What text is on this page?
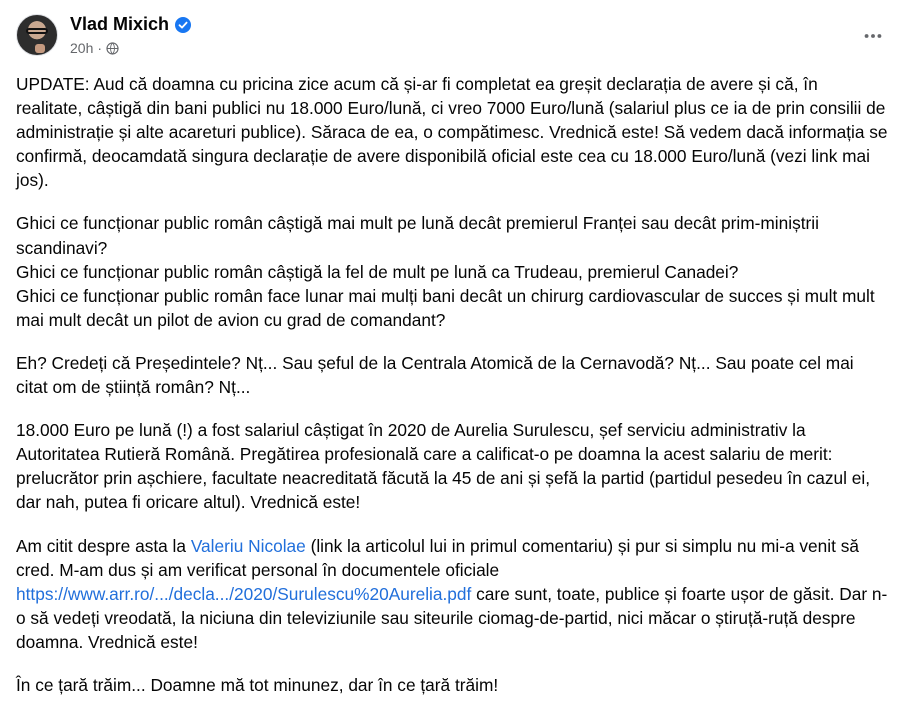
Vlad Mixich
20h ·

UPDATE: Aud că doamna cu pricina zice acum că și-ar fi completat ea greșit declarația de avere și că, în realitate, câștigă din bani publici nu 18.000 Euro/lună, ci vreo 7000 Euro/lună (salariul plus ce ia de prin consilii de administrație și alte acareturi publice). Săraca de ea, o compătimesc. Vrednică este! Să vedem dacă informația se confirmă, deocamdată singura declarație de avere disponibilă oficial este cea cu 18.000 Euro/lună (vezi link mai jos).

Ghici ce funcționar public român câștigă mai mult pe lună decât premierul Franței sau decât prim-miniștrii scandinavi?
Ghici ce funcționar public român câștigă la fel de mult pe lună ca Trudeau, premierul Canadei?
Ghici ce funcționar public român face lunar mai mulți bani decât un chirurg cardiovascular de succes și mult mult mai mult decât un pilot de avion cu grad de comandant?

Eh? Credeți că Președintele? Nț... Sau șeful de la Centrala Atomică de la Cernavodă? Nț... Sau poate cel mai citat om de știință român? Nț...

18.000 Euro pe lună (!) a fost salariul câștigat în 2020 de Aurelia Surulescu, șef serviciu administrativ la Autoritatea Rutieră Română. Pregătirea profesională care a calificat-o pe doamna la acest salariu de merit: prelucrător prin așchiere, facultate neacreditată făcută la 45 de ani și șefă la partid (partidul pesedeu în cazul ei, dar nah, putea fi oricare altul). Vrednică este!

Am citit despre asta la Valeriu Nicolae (link la articolul lui in primul comentariu) și pur si simplu nu mi-a venit să cred. M-am dus și am verificat personal în documentele oficiale https://www.arr.ro/.../decla.../2020/Surulescu%20Aurelia.pdf care sunt, toate, publice și foarte ușor de găsit. Dar n-o să vedeți vreodată, la niciuna din televiziunile sau siteurile ciomag-de-partid, nici măcar o știruță-ruță despre doamna. Vrednică este!

În ce țară trăim... Doamne mă tot minunez, dar în ce țară trăim!
